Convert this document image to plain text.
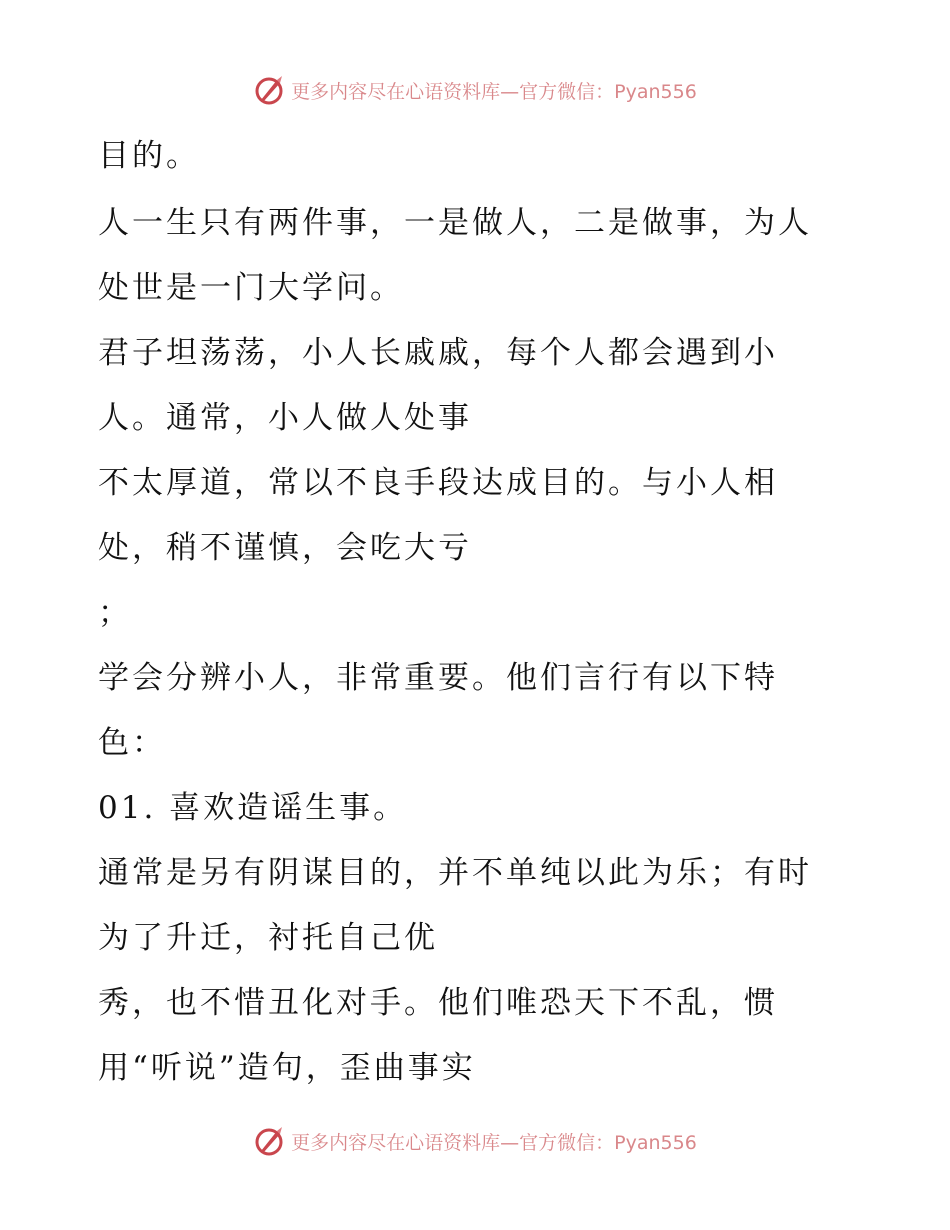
更多内容尽在心语资料库—官方微信：Pyan556
目的。
人一生只有两件事，一是做人，二是做事，为人
处世是一门大学问。
君子坦荡荡，小人长戚戚，每个人都会遇到小
人。通常，小人做人处事
不太厚道，常以不良手段达成目的。与小人相
处，稍不谨慎，会吃大亏
；
学会分辨小人，非常重要。他们言行有以下特
色：
01. 喜欢造谣生事。
通常是另有阴谋目的，并不单纯以此为乐；有时
为了升迁，衬托自己优
秀，也不惜丑化对手。他们唯恐天下不乱，惯
用“听说”造句，歪曲事实
更多内容尽在心语资料库—官方微信：Pyan556
